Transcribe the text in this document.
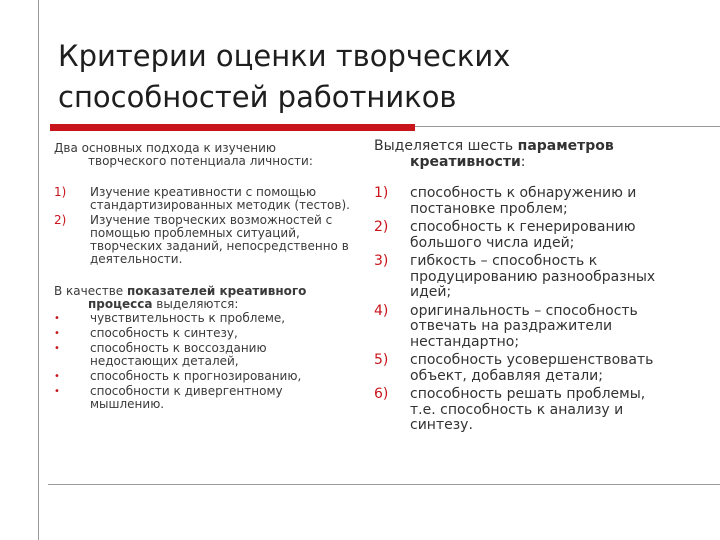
Критерии оценки творческих
способностей работников
Два основных подхода к изучению
творческого потенциала личности:
1)	Изучение креативности с помощью стандартизированных методик (тестов).
2)	Изучение творческих возможностей с помощью проблемных ситуаций, творческих заданий, непосредственно в деятельности.
В качестве показателей креативного
процесса выделяются:
•	чувствительность к проблеме,
•	способность к синтезу,
•	способность к воссозданию недостающих деталей,
•	способность к прогнозированию,
•	способности к дивергентному мышлению.
Выделяется шесть параметров
креативности:
1)	способность к обнаружению и постановке проблем;
2)	способность к генерированию большого числа идей;
3)	гибкость – способность к продуцированию разнообразных идей;
4)	оригинальность – способность отвечать на раздражители нестандартно;
5)	способность усовершенствовать объект, добавляя детали;
6)	способность решать проблемы, т.е. способность к анализу и синтезу.
